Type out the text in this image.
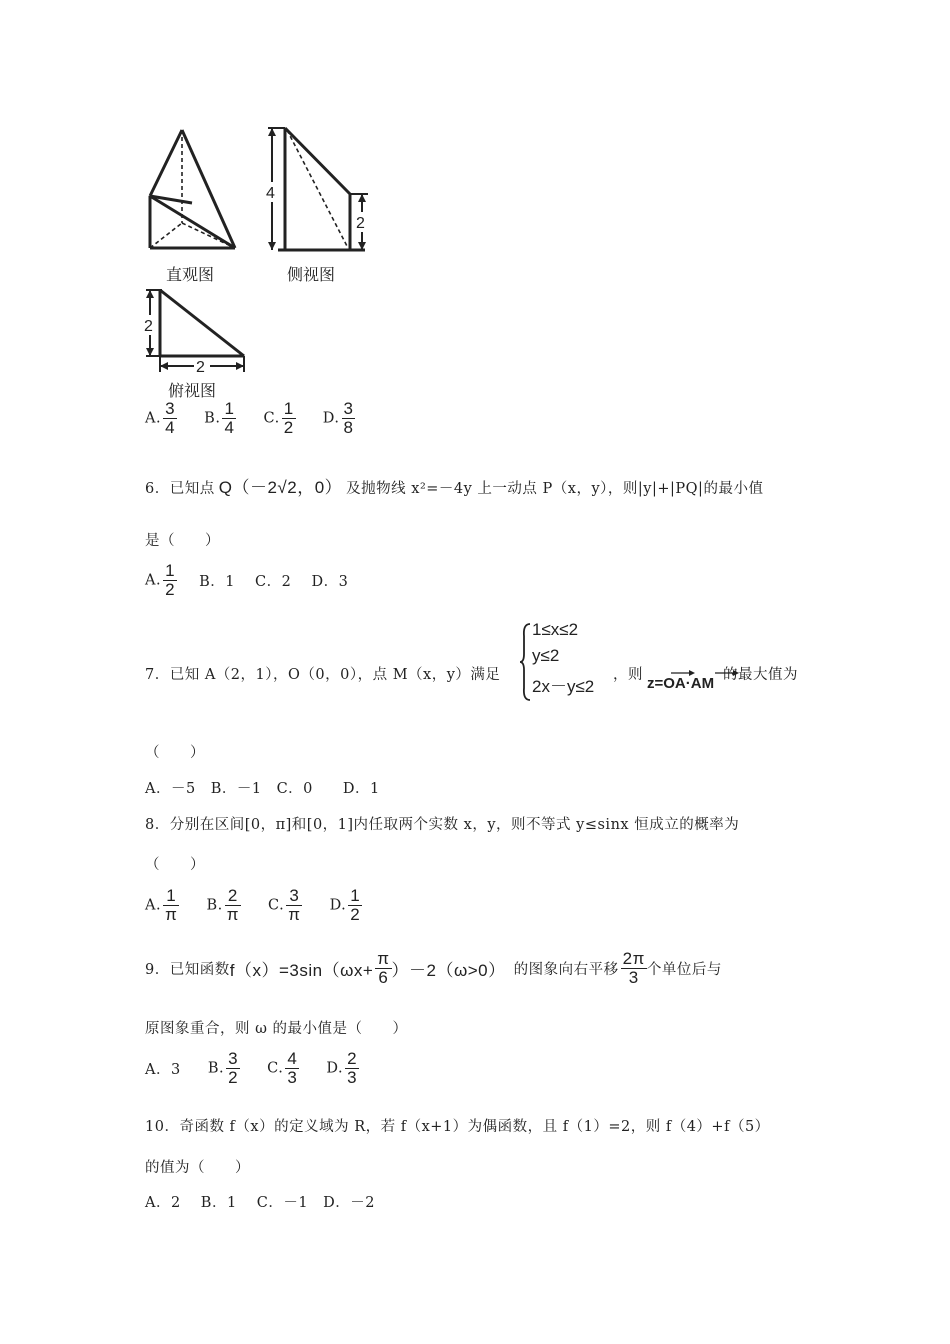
4
2
直观图	侧视图
2
2
俯视图
A. $\frac{3}{4} B$. $\frac{1}{4} C$. $\frac{1}{2} D$. $\frac{3}{8}$
6．已知点 Q（－2√2，0） 及抛物线 x²=－4y 上一动点 P（x，y），则|y|+|PQ|的最小值
是（　　）
A. $\frac{1}{2}$ B．1　 C．2　 D．3
7．已知 A（2，1），O（0，0），点 M（x，y）满足
1≤x≤2
y≤2
2x－y≤2
，则 z=OA·AM 的最大值为
（　　）
A．－5　B．－1　C．0　　D．1
8．分别在区间[0，π]和[0，1]内任取两个实数 x，y，则不等式 y≤sinx 恒成立的概率为
（　　）
A. $\frac{1}{\pi} B$. $\frac{2}{\pi} C$. $\frac{3}{\pi} D$. $\frac{1}{2}$
9．已知函数$f(x)=3\sin(\omega x+ \frac{\pi}{6} )-2(\omega>0)$ 的图象向右平移 $\frac{2\pi}{3}$ 个单位后与
原图象重合，则 ω 的最小值是（　　）
A．3 B. $\frac{3}{2} C$. $\frac{4}{3} D$. $\frac{2}{3}$
10．奇函数 f（x）的定义域为 R，若 f（x+1）为偶函数，且 f（1）=2，则 f（4）+f（5）
的值为（　　）
A．2　 B．1　 C．－1　D．－2
